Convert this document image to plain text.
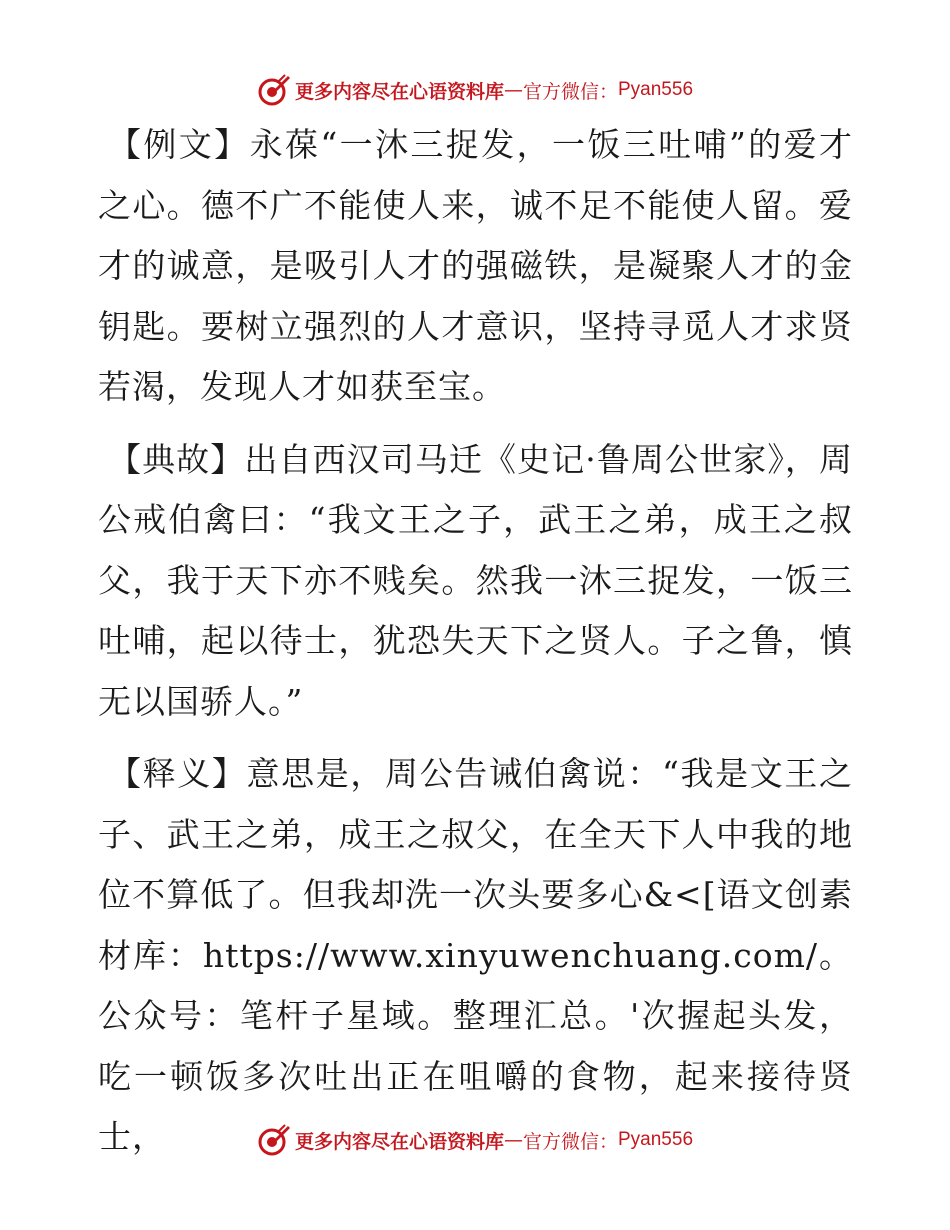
更多内容尽在心语资料库 — 官方微信： Pyan556

【例文】永葆“一沐三捉发，一饭三吐哺”的爱才之心。德不广不能使人来，诚不足不能使人留。爱才的诚意，是吸引人才的强磁铁，是凝聚人才的金钥匙。要树立强烈的人才意识，坚持寻觅人才求贤若渴，发现人才如获至宝。

【典故】出自西汉司马迁《史记·鲁周公世家》，周公戒伯禽曰：“我文王之子，武王之弟，成王之叔父，我于天下亦不贱矣。然我一沐三捉发，一饭三吐哺，起以待士，犹恐失天下之贤人。子之鲁，慎无以国骄人。”

【释义】意思是，周公告诫伯禽说：“我是文王之子、武王之弟，成王之叔父，在全天下人中我的地位不算低了。但我却洗一次头要多心&<[语文创素材库：https://www.xinyuwenchuang.com/。公众号：笔杆子星域。整理汇总。'次握起头发，吃一顿饭多次吐出正在咀嚼的食物，起来接待贤士，	更多内容尽在心语资料库 — 官方微信： Pyan556
